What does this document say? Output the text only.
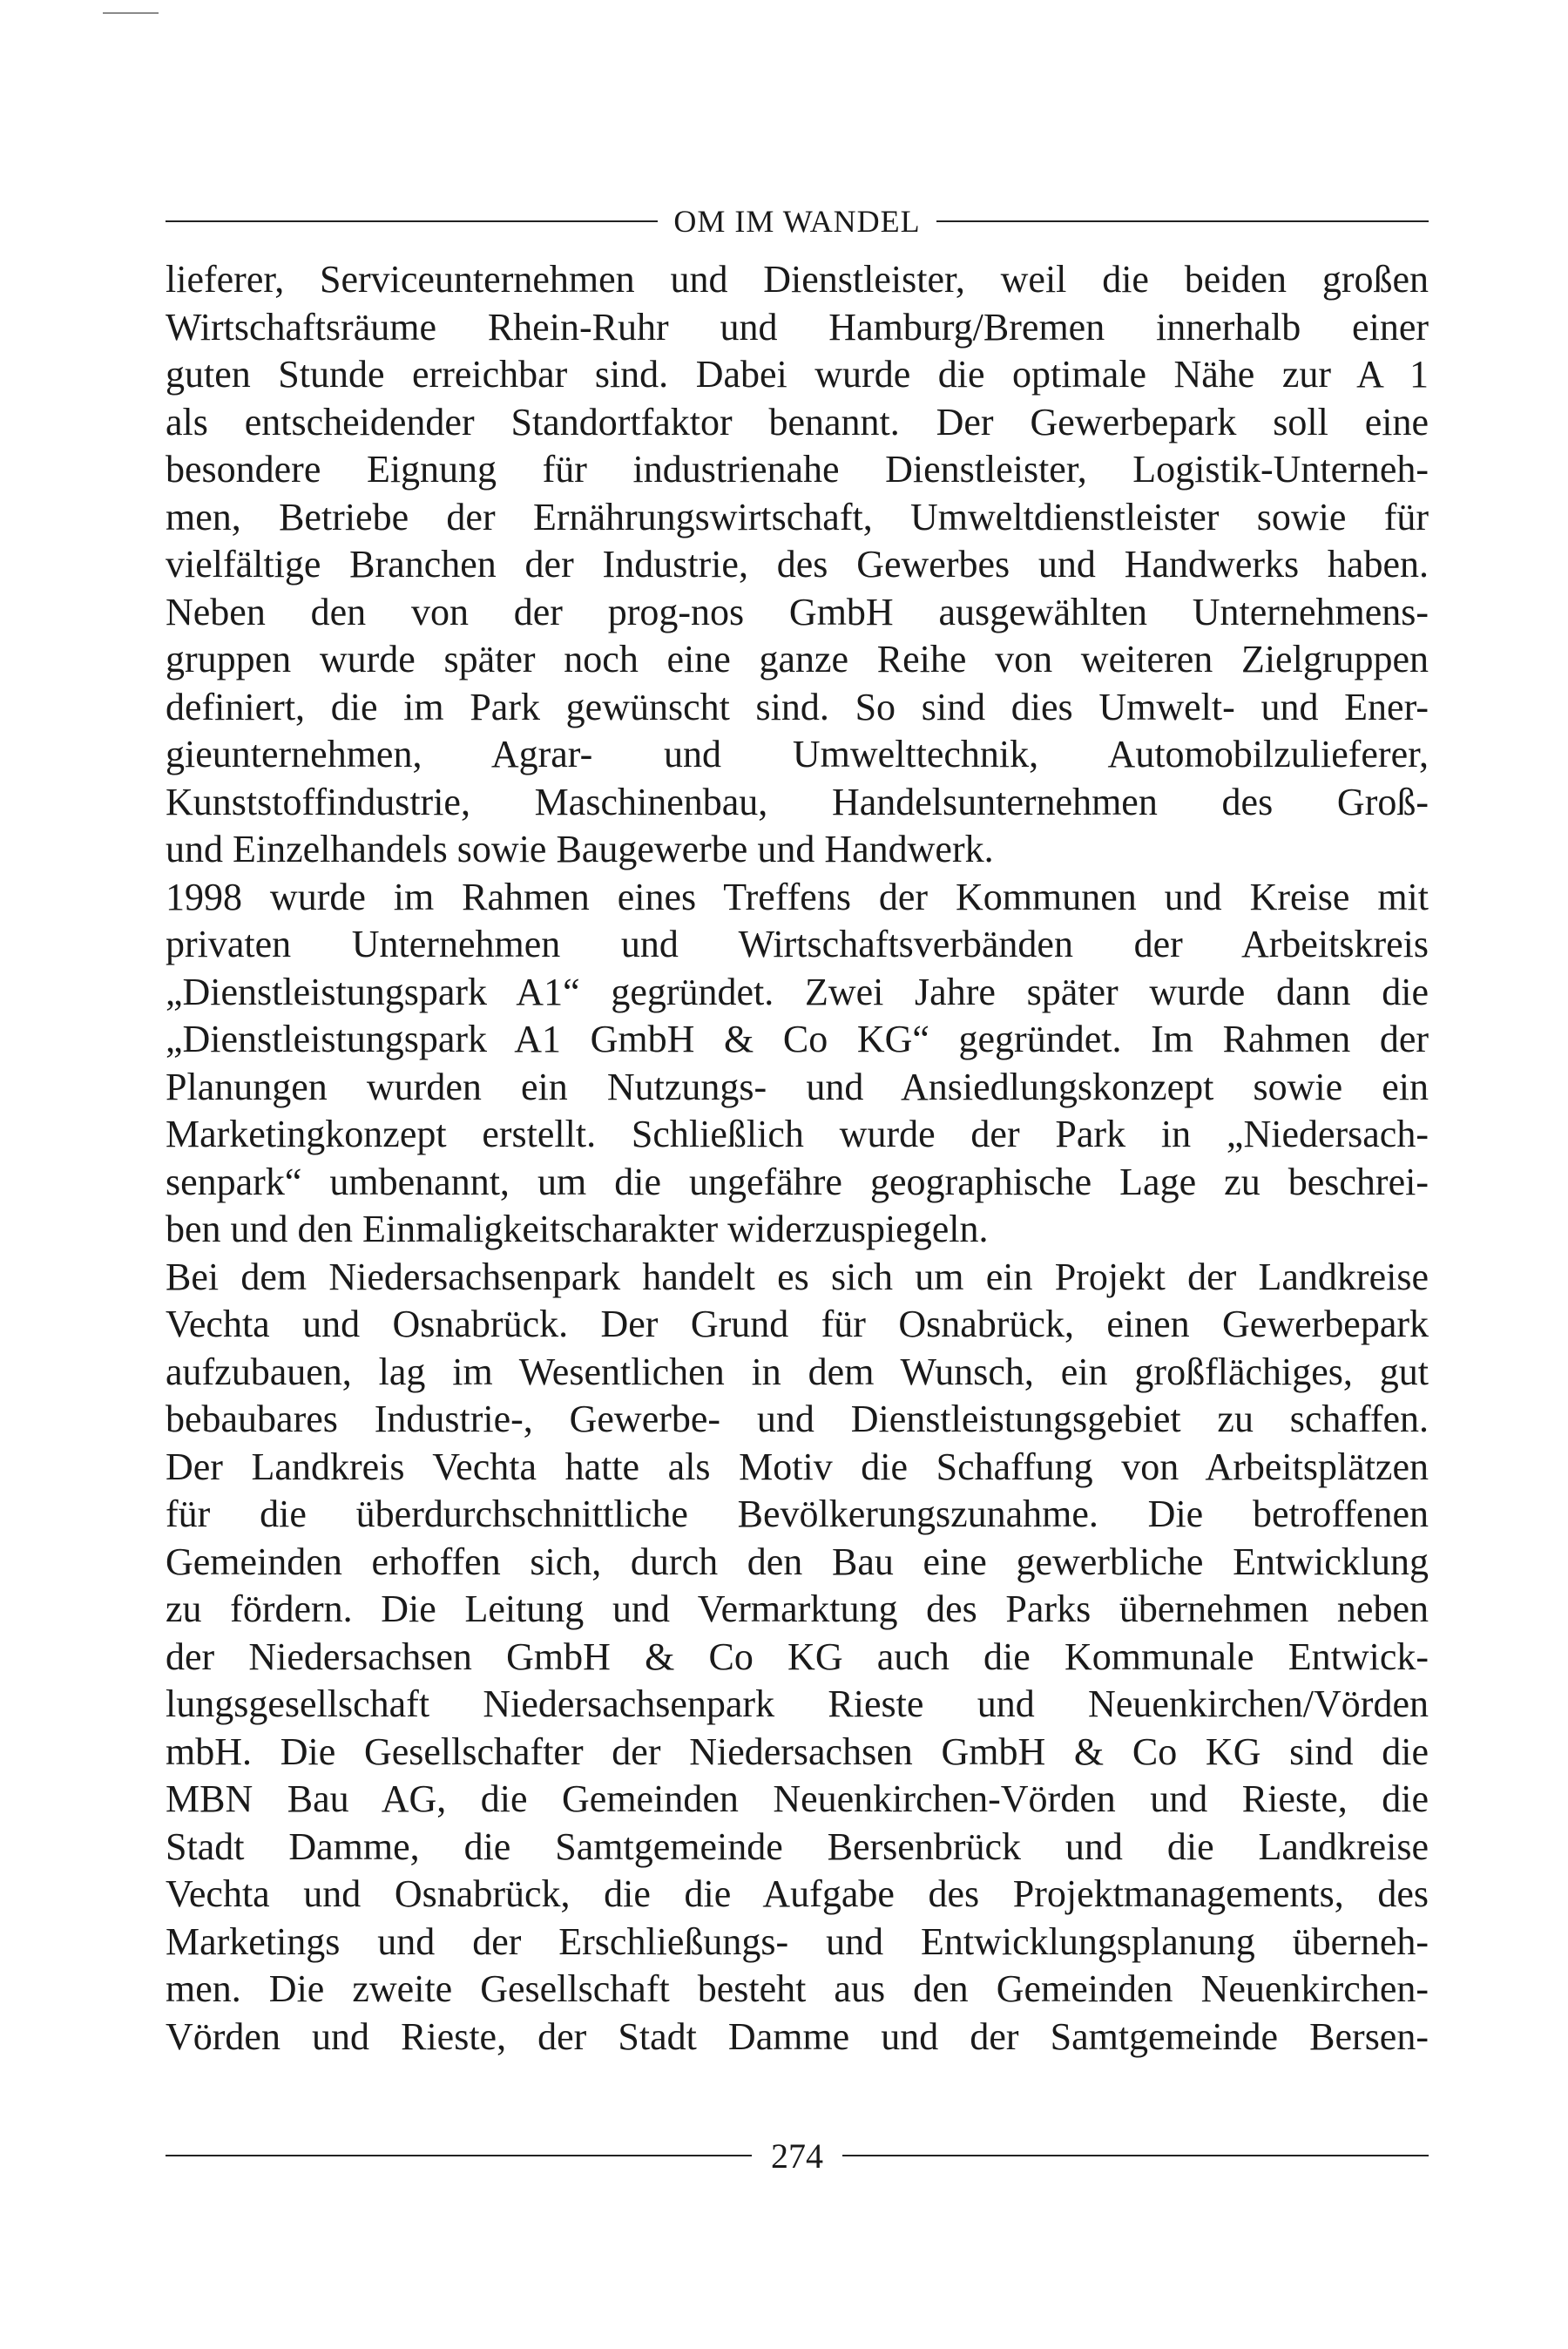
OM IM WANDEL
lieferer, Serviceunternehmen und Dienstleister, weil die beiden großen
Wirtschaftsräume Rhein-Ruhr und Hamburg/Bremen innerhalb einer
guten Stunde erreichbar sind. Dabei wurde die optimale Nähe zur A 1
als entscheidender Standortfaktor benannt. Der Gewerbepark soll eine
besondere Eignung für industrienahe Dienstleister, Logistik-Unterneh-
men, Betriebe der Ernährungswirtschaft, Umweltdienstleister sowie für
vielfältige Branchen der Industrie, des Gewerbes und Handwerks haben.
Neben den von der prog-nos GmbH ausgewählten Unternehmens-
gruppen wurde später noch eine ganze Reihe von weiteren Zielgruppen
definiert, die im Park gewünscht sind. So sind dies Umwelt- und Ener-
gieunternehmen, Agrar- und Umwelttechnik, Automobilzulieferer,
Kunststoffindustrie, Maschinenbau, Handelsunternehmen des Groß-
und Einzelhandels sowie Baugewerbe und Handwerk.
1998 wurde im Rahmen eines Treffens der Kommunen und Kreise mit
privaten Unternehmen und Wirtschaftsverbänden der Arbeitskreis
„Dienstleistungspark A1“ gegründet. Zwei Jahre später wurde dann die
„Dienstleistungspark A1 GmbH & Co KG“ gegründet. Im Rahmen der
Planungen wurden ein Nutzungs- und Ansiedlungskonzept sowie ein
Marketingkonzept erstellt. Schließlich wurde der Park in „Niedersach-
senpark“ umbenannt, um die ungefähre geographische Lage zu beschrei-
ben und den Einmaligkeitscharakter widerzuspiegeln.
Bei dem Niedersachsenpark handelt es sich um ein Projekt der Landkreise
Vechta und Osnabrück. Der Grund für Osnabrück, einen Gewerbepark
aufzubauen, lag im Wesentlichen in dem Wunsch, ein großflächiges, gut
bebaubares Industrie-, Gewerbe- und Dienstleistungsgebiet zu schaffen.
Der Landkreis Vechta hatte als Motiv die Schaffung von Arbeitsplätzen
für die überdurchschnittliche Bevölkerungszunahme. Die betroffenen
Gemeinden erhoffen sich, durch den Bau eine gewerbliche Entwicklung
zu fördern. Die Leitung und Vermarktung des Parks übernehmen neben
der Niedersachsen GmbH & Co KG auch die Kommunale Entwick-
lungsgesellschaft Niedersachsenpark Rieste und Neuenkirchen/Vörden
mbH. Die Gesellschafter der Niedersachsen GmbH & Co KG sind die
MBN Bau AG, die Gemeinden Neuenkirchen-Vörden und Rieste, die
Stadt Damme, die Samtgemeinde Bersenbrück und die Landkreise
Vechta und Osnabrück, die die Aufgabe des Projektmanagements, des
Marketings und der Erschließungs- und Entwicklungsplanung überneh-
men. Die zweite Gesellschaft besteht aus den Gemeinden Neuenkirchen-
Vörden und Rieste, der Stadt Damme und der Samtgemeinde Bersen-
274
